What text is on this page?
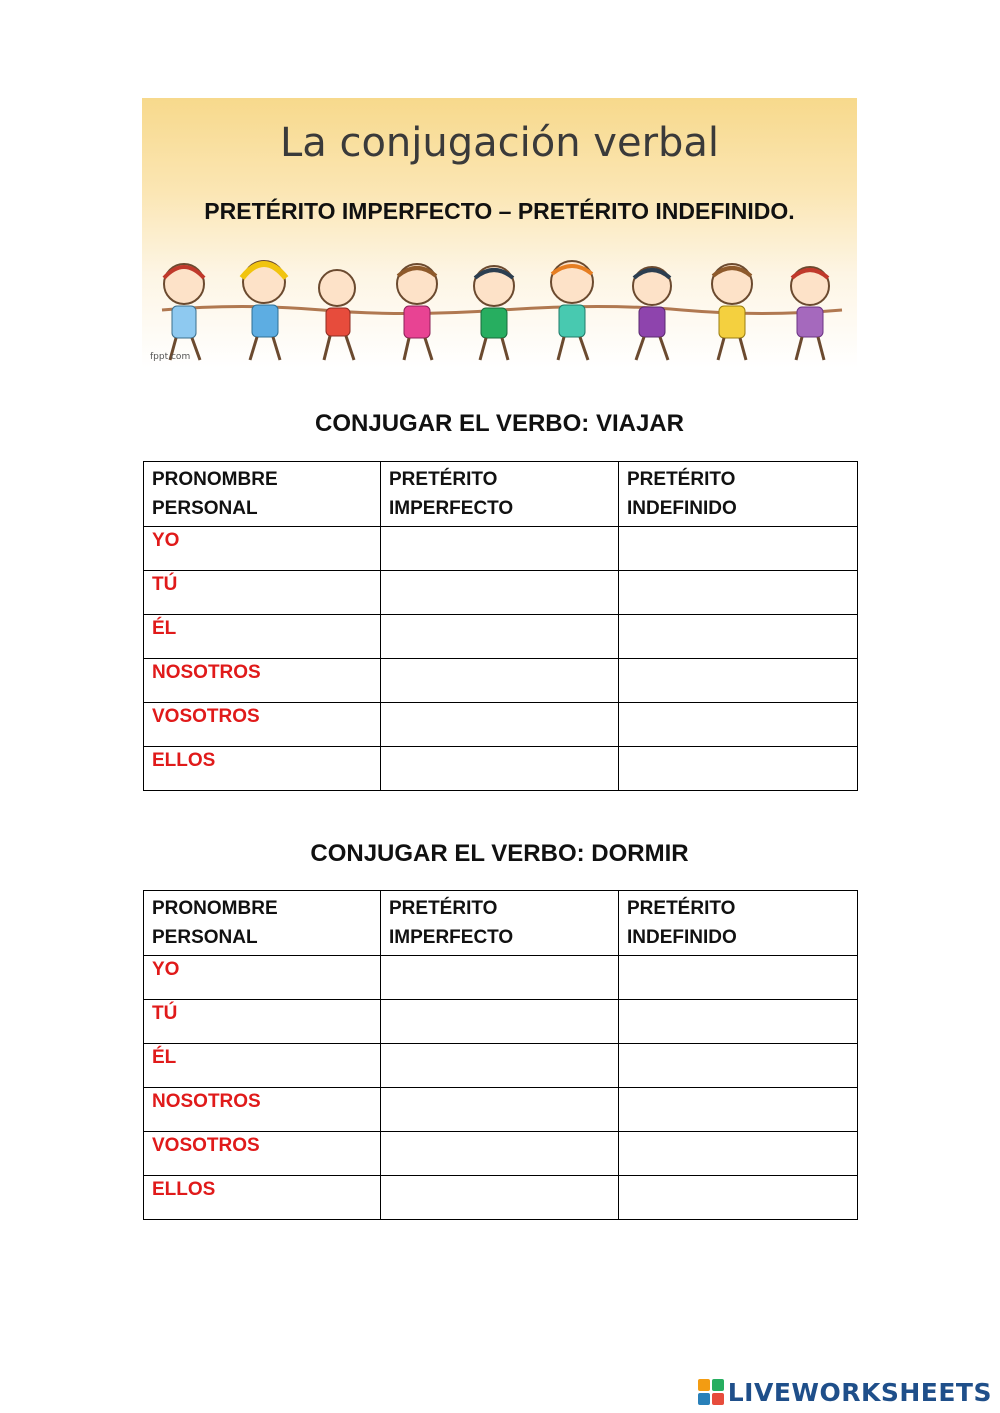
La conjugación verbal
PRETÉRITO IMPERFECTO – PRETÉRITO INDEFINIDO.
fppt.com
CONJUGAR EL VERBO: VIAJAR
PRONOMBRE PERSONAL	PRETÉRITO IMPERFECTO	PRETÉRITO INDEFINIDO
YO		
TÚ		
ÉL		
NOSOTROS		
VOSOTROS		
ELLOS		
CONJUGAR EL VERBO: DORMIR
PRONOMBRE PERSONAL	PRETÉRITO IMPERFECTO	PRETÉRITO INDEFINIDO
YO		
TÚ		
ÉL		
NOSOTROS		
VOSOTROS		
ELLOS		
LIVEWORKSHEETS
